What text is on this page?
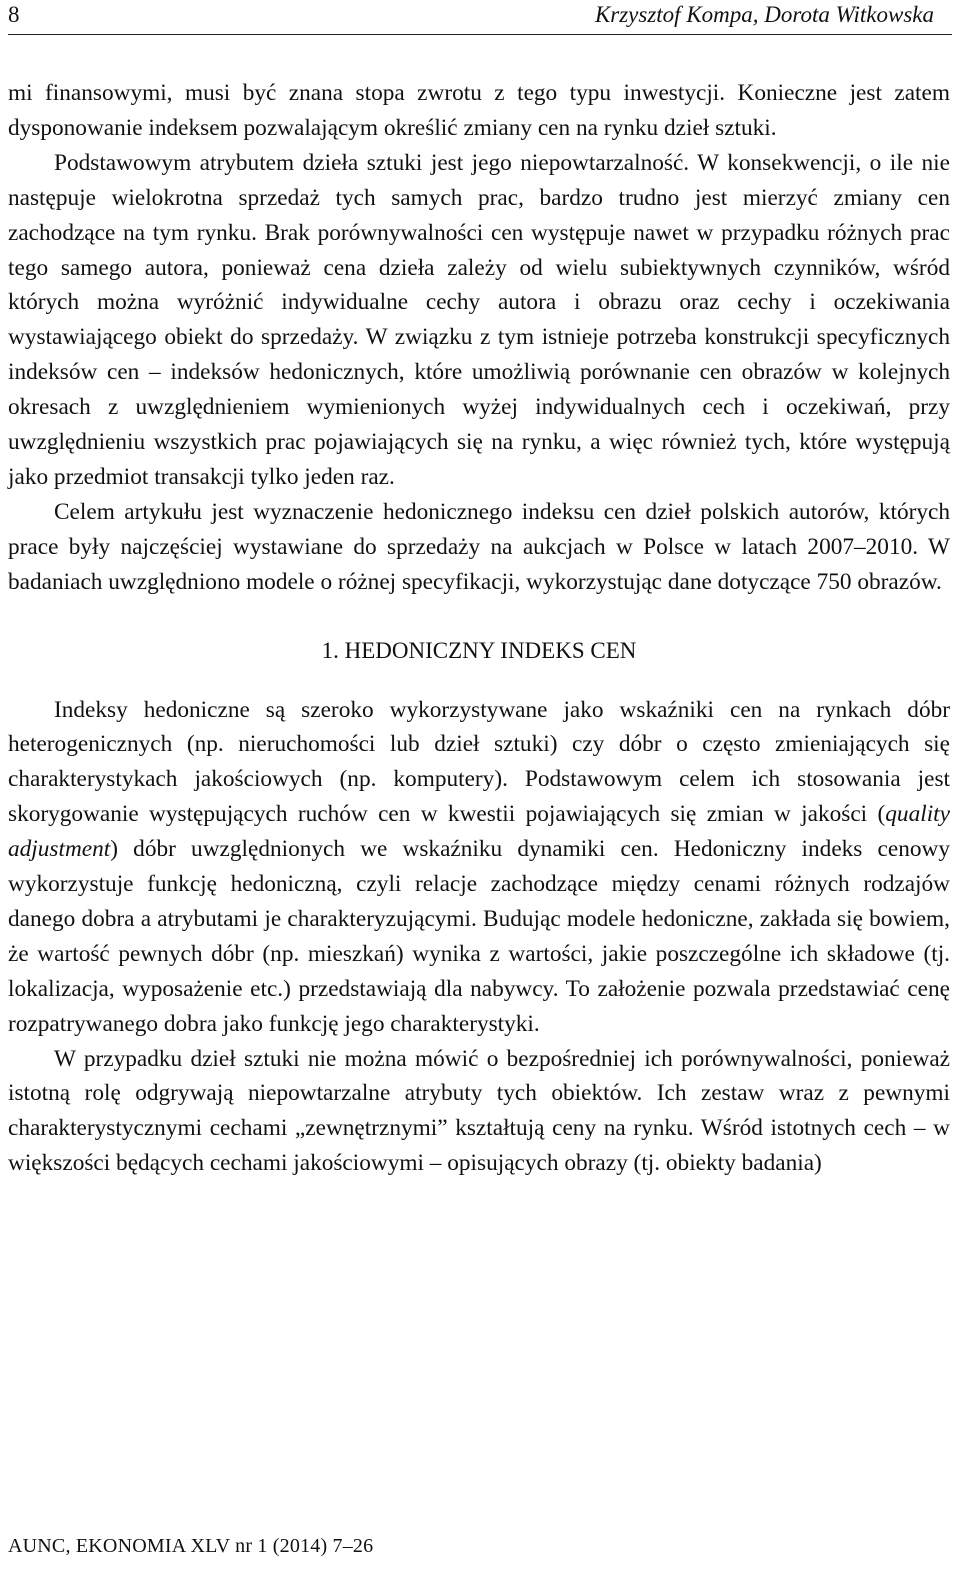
8	Krzysztof Kompa, Dorota Witkowska

mi finansowymi, musi być znana stopa zwrotu z tego typu inwestycji. Konieczne jest zatem dysponowanie indeksem pozwalającym określić zmiany cen na rynku dzieł sztuki.

Podstawowym atrybutem dzieła sztuki jest jego niepowtarzalność. W konsekwencji, o ile nie następuje wielokrotna sprzedaż tych samych prac, bardzo trudno jest mierzyć zmiany cen zachodzące na tym rynku. Brak porównywalności cen występuje nawet w przypadku różnych prac tego samego autora, ponieważ cena dzieła zależy od wielu subiektywnych czynników, wśród których można wyróżnić indywidualne cechy autora i obrazu oraz cechy i oczekiwania wystawiającego obiekt do sprzedaży. W związku z tym istnieje potrzeba konstrukcji specyficznych indeksów cen – indeksów hedonicznych, które umożliwią porównanie cen obrazów w kolejnych okresach z uwzględnieniem wymienionych wyżej indywidualnych cech i oczekiwań, przy uwzględnieniu wszystkich prac pojawiających się na rynku, a więc również tych, które występują jako przedmiot transakcji tylko jeden raz.

Celem artykułu jest wyznaczenie hedonicznego indeksu cen dzieł polskich autorów, których prace były najczęściej wystawiane do sprzedaży na aukcjach w Polsce w latach 2007–2010. W badaniach uwzględniono modele o różnej specyfikacji, wykorzystując dane dotyczące 750 obrazów.

1. HEDONICZNY INDEKS CEN

Indeksy hedoniczne są szeroko wykorzystywane jako wskaźniki cen na rynkach dóbr heterogenicznych (np. nieruchomości lub dzieł sztuki) czy dóbr o często zmieniających się charakterystykach jakościowych (np. komputery). Podstawowym celem ich stosowania jest skorygowanie występujących ruchów cen w kwestii pojawiających się zmian w jakości (quality adjustment) dóbr uwzględnionych we wskaźniku dynamiki cen. Hedoniczny indeks cenowy wykorzystuje funkcję hedoniczną, czyli relacje zachodzące między cenami różnych rodzajów danego dobra a atrybutami je charakteryzującymi. Budując modele hedoniczne, zakłada się bowiem, że wartość pewnych dóbr (np. mieszkań) wynika z wartości, jakie poszczególne ich składowe (tj. lokalizacja, wyposażenie etc.) przedstawiają dla nabywcy. To założenie pozwala przedstawiać cenę rozpatrywanego dobra jako funkcję jego charakterystyki.

W przypadku dzieł sztuki nie można mówić o bezpośredniej ich porównywalności, ponieważ istotną rolę odgrywają niepowtarzalne atrybuty tych obiektów. Ich zestaw wraz z pewnymi charakterystycznymi cechami „zewnętrznymi” kształtują ceny na rynku. Wśród istotnych cech – w większości będących cechami jakościowymi – opisujących obrazy (tj. obiekty badania)

AUNC, EKONOMIA XLV nr 1 (2014) 7–26
